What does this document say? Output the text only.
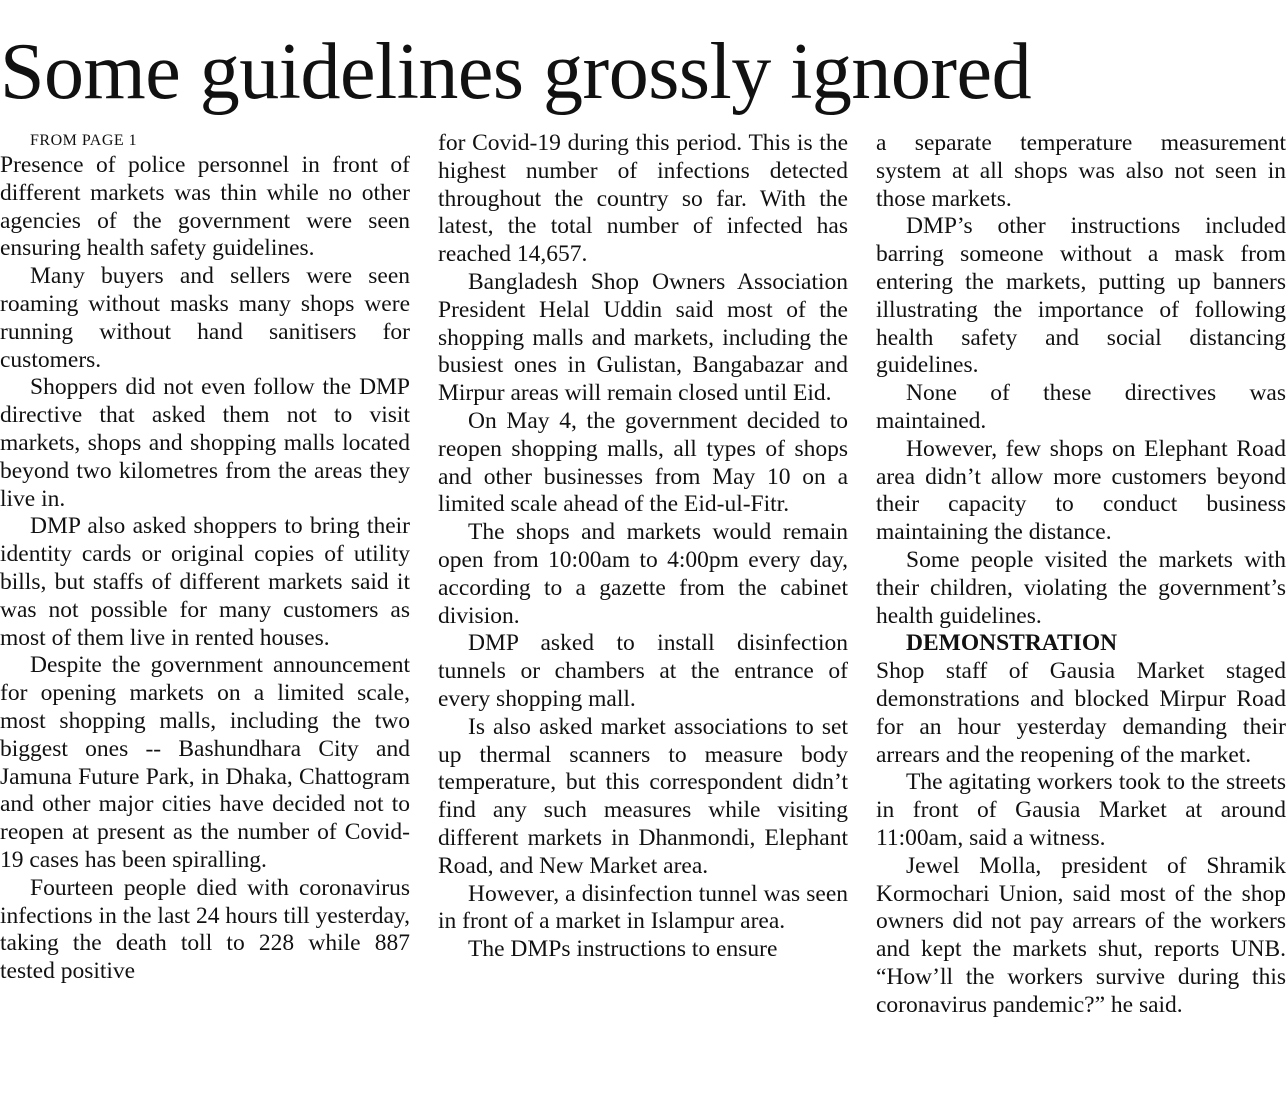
Some guidelines grossly ignored

FROM PAGE 1

Presence of police personnel in front of different markets was thin while no other agencies of the government were seen ensuring health safety guidelines.

Many buyers and sellers were seen roaming without masks many shops were running without hand sanitisers for customers.

Shoppers did not even follow the DMP directive that asked them not to visit markets, shops and shopping malls located beyond two kilometres from the areas they live in.

DMP also asked shoppers to bring their identity cards or original copies of utility bills, but staffs of different markets said it was not possible for many customers as most of them live in rented houses.

Despite the government announcement for opening markets on a limited scale, most shopping malls, including the two biggest ones -- Bashundhara City and Jamuna Future Park, in Dhaka, Chattogram and other major cities have decided not to reopen at present as the number of Covid-19 cases has been spiralling.

Fourteen people died with coronavirus infections in the last 24 hours till yesterday, taking the death toll to 228 while 887 tested positive

for Covid-19 during this period. This is the highest number of infections detected throughout the country so far. With the latest, the total number of infected has reached 14,657.

Bangladesh Shop Owners Association President Helal Uddin said most of the shopping malls and markets, including the busiest ones in Gulistan, Bangabazar and Mirpur areas will remain closed until Eid.

On May 4, the government decided to reopen shopping malls, all types of shops and other businesses from May 10 on a limited scale ahead of the Eid-ul-Fitr.

The shops and markets would remain open from 10:00am to 4:00pm every day, according to a gazette from the cabinet division.

DMP asked to install disinfection tunnels or chambers at the entrance of every shopping mall.

Is also asked market associations to set up thermal scanners to measure body temperature, but this correspondent didn’t find any such measures while visiting different markets in Dhanmondi, Elephant Road, and New Market area.

However, a disinfection tunnel was seen in front of a market in Islampur area.

The DMPs instructions to ensure

a separate temperature measurement system at all shops was also not seen in those markets.

DMP’s other instructions included barring someone without a mask from entering the markets, putting up banners illustrating the importance of following health safety and social distancing guidelines.

None of these directives was maintained.

However, few shops on Elephant Road area didn’t allow more customers beyond their capacity to conduct business maintaining the distance.

Some people visited the markets with their children, violating the government’s health guidelines.

DEMONSTRATION

Shop staff of Gausia Market staged demonstrations and blocked Mirpur Road for an hour yesterday demanding their arrears and the reopening of the market.

The agitating workers took to the streets in front of Gausia Market at around 11:00am, said a witness.

Jewel Molla, president of Shramik Kormochari Union, said most of the shop owners did not pay arrears of the workers and kept the markets shut, reports UNB. “How’ll the workers survive during this coronavirus pandemic?” he said.
